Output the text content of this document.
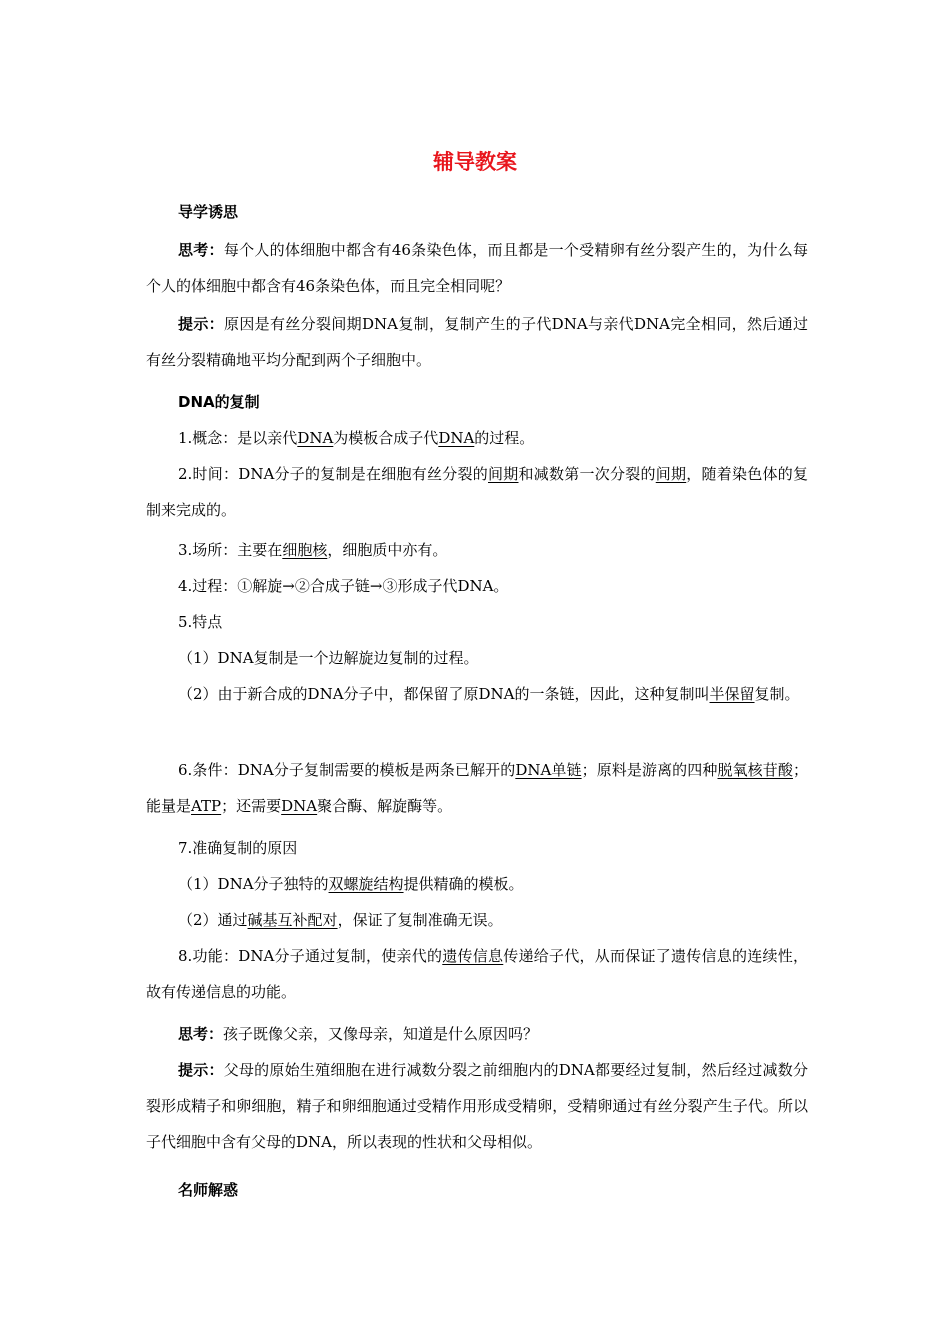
辅导教案
导学诱思
思考：每个人的体细胞中都含有46条染色体，而且都是一个受精卵有丝分裂产生的，为什么每个人的体细胞中都含有46条染色体，而且完全相同呢？
提示：原因是有丝分裂间期DNA复制，复制产生的子代DNA与亲代DNA完全相同，然后通过有丝分裂精确地平均分配到两个子细胞中。
DNA的复制
1.概念：是以亲代DNA为模板合成子代DNA的过程。
2.时间：DNA分子的复制是在细胞有丝分裂的间期和减数第一次分裂的间期，随着染色体的复制来完成的。
3.场所：主要在细胞核，细胞质中亦有。
4.过程：①解旋→②合成子链→③形成子代DNA。
5.特点
（1）DNA复制是一个边解旋边复制的过程。
（2）由于新合成的DNA分子中，都保留了原DNA的一条链，因此，这种复制叫半保留复制。
6.条件：DNA分子复制需要的模板是两条已解开的DNA单链；原料是游离的四种脱氧核苷酸；能量是ATP；还需要DNA聚合酶、解旋酶等。
7.准确复制的原因
（1）DNA分子独特的双螺旋结构提供精确的模板。
（2）通过碱基互补配对，保证了复制准确无误。
8.功能：DNA分子通过复制，使亲代的遗传信息传递给子代，从而保证了遗传信息的连续性，故有传递信息的功能。
思考：孩子既像父亲，又像母亲，知道是什么原因吗？
提示：父母的原始生殖细胞在进行减数分裂之前细胞内的DNA都要经过复制，然后经过减数分裂形成精子和卵细胞，精子和卵细胞通过受精作用形成受精卵，受精卵通过有丝分裂产生子代。所以子代细胞中含有父母的DNA，所以表现的性状和父母相似。
名师解惑
